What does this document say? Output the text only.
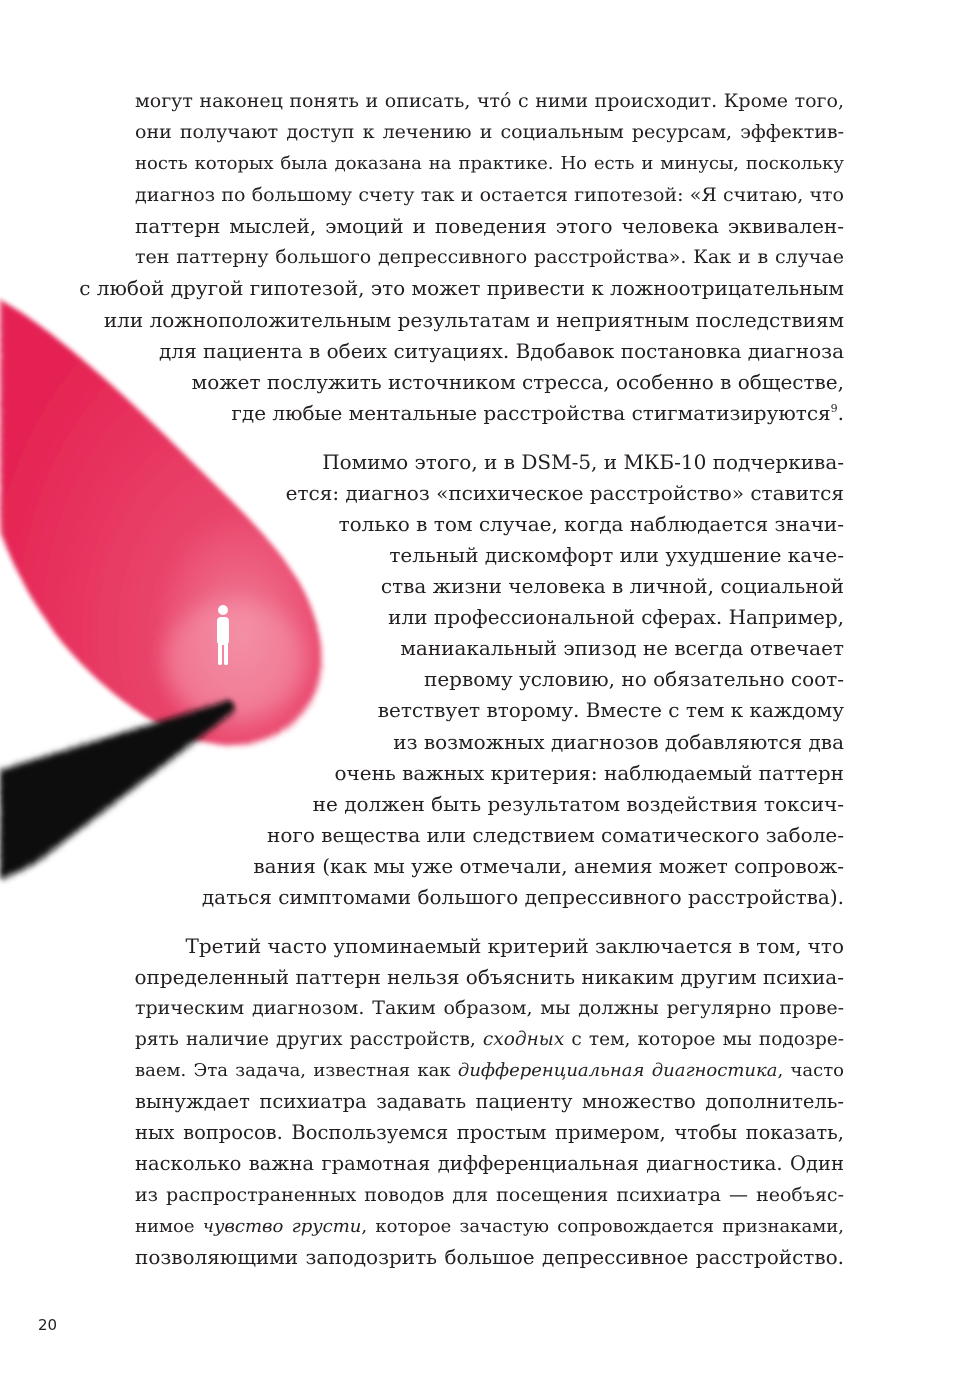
могут наконец понять и описать, чтó с ними происходит. Кроме того,
они получают доступ к лечению и социальным ресурсам, эффектив-
ность которых была доказана на практике. Но есть и минусы, поскольку
диагноз по большому счету так и остается гипотезой: «Я считаю, что
паттерн мыслей, эмоций и поведения этого человека эквивален-
тен паттерну большого депрессивного расстройства». Как и в случае
с любой другой гипотезой, это может привести к ложноотрицательным
или ложноположительным результатам и неприятным последствиям
для пациента в обеих ситуациях. Вдобавок постановка диагноза
может послужить источником стресса, особенно в обществе,
где любые ментальные расстройства стигматизируются$^9$.
Помимо этого, и в DSM-5, и МКБ-10 подчеркива-
ется: диагноз «психическое расстройство» ставится
только в том случае, когда наблюдается значи-
тельный дискомфорт или ухудшение каче-
ства жизни человека в личной, социальной
или профессиональной сферах. Например,
маниакальный эпизод не всегда отвечает
первому условию, но обязательно соот-
ветствует второму. Вместе с тем к каждому
из возможных диагнозов добавляются два
очень важных критерия: наблюдаемый паттерн
не должен быть результатом воздействия токсич-
ного вещества или следствием соматического заболе-
вания (как мы уже отмечали, анемия может сопровож-
даться симптомами большого депрессивного расстройства).
Третий часто упоминаемый критерий заключается в том, что
определенный паттерн нельзя объяснить никаким другим психиа-
трическим диагнозом. Таким образом, мы должны регулярно прове-
рять наличие других расстройств, сходных с тем, которое мы подозре-
ваем. Эта задача, известная как дифференциальная диагностика, часто
вынуждает психиатра задавать пациенту множество дополнитель-
ных вопросов. Воспользуемся простым примером, чтобы показать,
насколько важна грамотная дифференциальная диагностика. Один
из распространенных поводов для посещения психиатра — необъяс-
нимое чувство грусти, которое зачастую сопровождается признаками,
позволяющими заподозрить большое депрессивное расстройство.
20
